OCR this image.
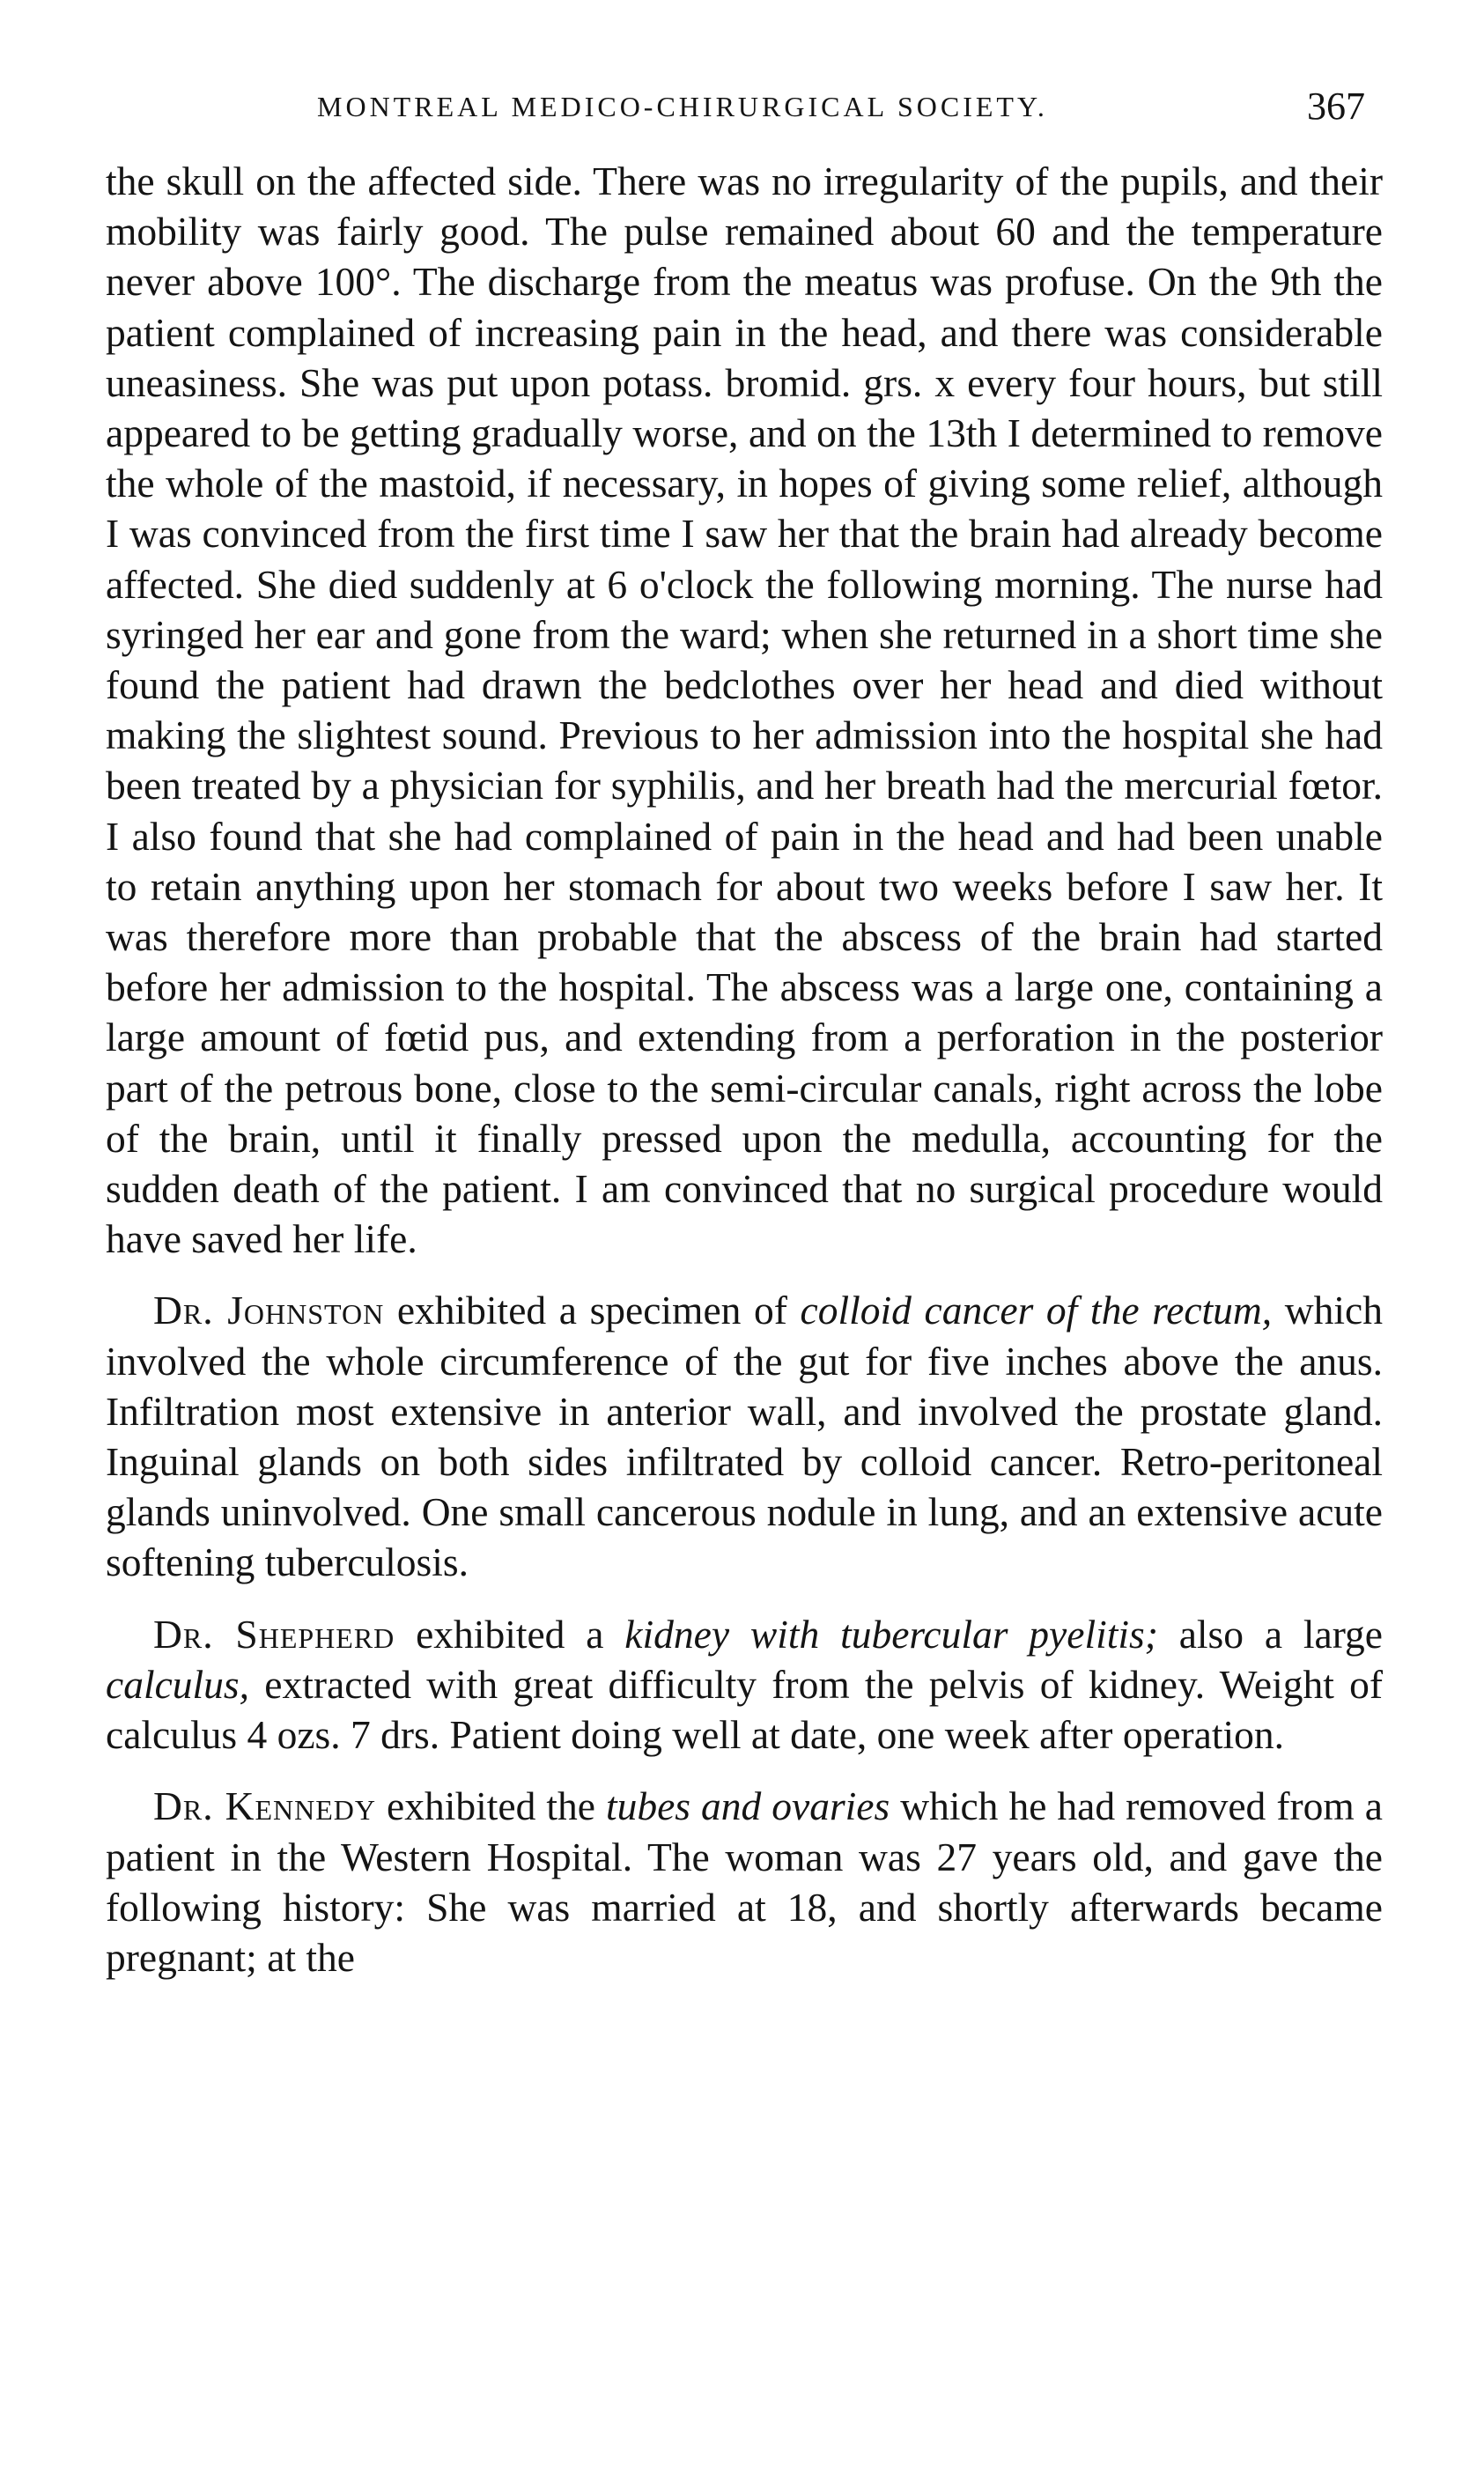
MONTREAL MEDICO-CHIRURGICAL SOCIETY.	367

the skull on the affected side. There was no irregularity of the pupils, and their mobility was fairly good. The pulse remained about 60 and the temperature never above 100°. The discharge from the meatus was profuse. On the 9th the patient complained of increasing pain in the head, and there was considerable uneasiness. She was put upon potass. bromid. grs. x every four hours, but still appeared to be getting gradually worse, and on the 13th I determined to remove the whole of the mastoid, if necessary, in hopes of giving some relief, although I was convinced from the first time I saw her that the brain had already become affected. She died suddenly at 6 o'clock the following morning. The nurse had syringed her ear and gone from the ward; when she returned in a short time she found the patient had drawn the bedclothes over her head and died without making the slightest sound. Previous to her admission into the hospital she had been treated by a physician for syphilis, and her breath had the mercurial fœtor. I also found that she had complained of pain in the head and had been unable to retain anything upon her stomach for about two weeks before I saw her. It was therefore more than probable that the abscess of the brain had started before her admission to the hospital. The abscess was a large one, containing a large amount of fœtid pus, and extending from a perforation in the posterior part of the petrous bone, close to the semi-circular canals, right across the lobe of the brain, until it finally pressed upon the medulla, accounting for the sudden death of the patient. I am convinced that no surgical procedure would have saved her life.

Dr. Johnston exhibited a specimen of colloid cancer of the rectum, which involved the whole circumference of the gut for five inches above the anus. Infiltration most extensive in anterior wall, and involved the prostate gland. Inguinal glands on both sides infiltrated by colloid cancer. Retro-peritoneal glands uninvolved. One small cancerous nodule in lung, and an extensive acute softening tuberculosis.

Dr. Shepherd exhibited a kidney with tubercular pyelitis; also a large calculus, extracted with great difficulty from the pelvis of kidney. Weight of calculus 4 ozs. 7 drs. Patient doing well at date, one week after operation.

Dr. Kennedy exhibited the tubes and ovaries which he had removed from a patient in the Western Hospital. The woman was 27 years old, and gave the following history: She was married at 18, and shortly afterwards became pregnant; at the
